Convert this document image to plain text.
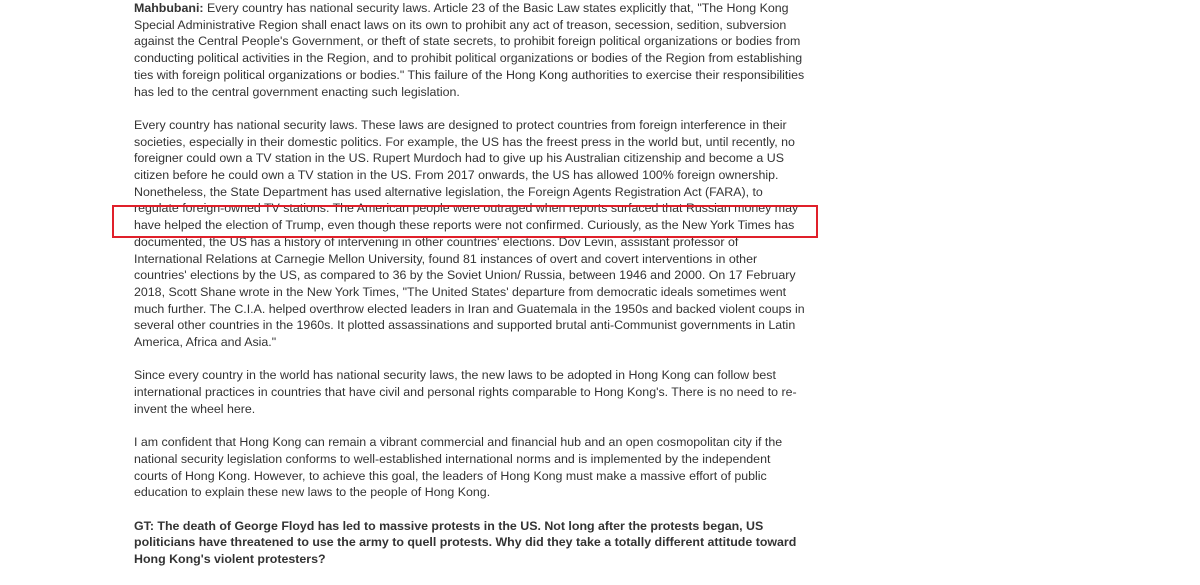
Mahbubani: Every country has national security laws. Article 23 of the Basic Law states explicitly that, "The Hong Kong Special Administrative Region shall enact laws on its own to prohibit any act of treason, secession, sedition, subversion against the Central People's Government, or theft of state secrets, to prohibit foreign political organizations or bodies from conducting political activities in the Region, and to prohibit political organizations or bodies of the Region from establishing ties with foreign political organizations or bodies." This failure of the Hong Kong authorities to exercise their responsibilities has led to the central government enacting such legislation.

Every country has national security laws. These laws are designed to protect countries from foreign interference in their societies, especially in their domestic politics. For example, the US has the freest press in the world but, until recently, no foreigner could own a TV station in the US. Rupert Murdoch had to give up his Australian citizenship and become a US citizen before he could own a TV station in the US. From 2017 onwards, the US has allowed 100% foreign ownership. Nonetheless, the State Department has used alternative legislation, the Foreign Agents Registration Act (FARA), to regulate foreign-owned TV stations. The American people were outraged when reports surfaced that Russian money may have helped the election of Trump, even though these reports were not confirmed. Curiously, as the New York Times has documented, the US has a history of intervening in other countries' elections. Dov Levin, assistant professor of International Relations at Carnegie Mellon University, found 81 instances of overt and covert interventions in other countries' elections by the US, as compared to 36 by the Soviet Union/ Russia, between 1946 and 2000. On 17 February 2018, Scott Shane wrote in the New York Times, "The United States' departure from democratic ideals sometimes went much further. The C.I.A. helped overthrow elected leaders in Iran and Guatemala in the 1950s and backed violent coups in several other countries in the 1960s. It plotted assassinations and supported brutal anti-Communist governments in Latin America, Africa and Asia."

Since every country in the world has national security laws, the new laws to be adopted in Hong Kong can follow best international practices in countries that have civil and personal rights comparable to Hong Kong's. There is no need to re-invent the wheel here.

I am confident that Hong Kong can remain a vibrant commercial and financial hub and an open cosmopolitan city if the national security legislation conforms to well-established international norms and is implemented by the independent courts of Hong Kong. However, to achieve this goal, the leaders of Hong Kong must make a massive effort of public education to explain these new laws to the people of Hong Kong.

GT: The death of George Floyd has led to massive protests in the US. Not long after the protests began, US politicians have threatened to use the army to quell protests. Why did they take a totally different attitude toward Hong Kong's violent protesters?
